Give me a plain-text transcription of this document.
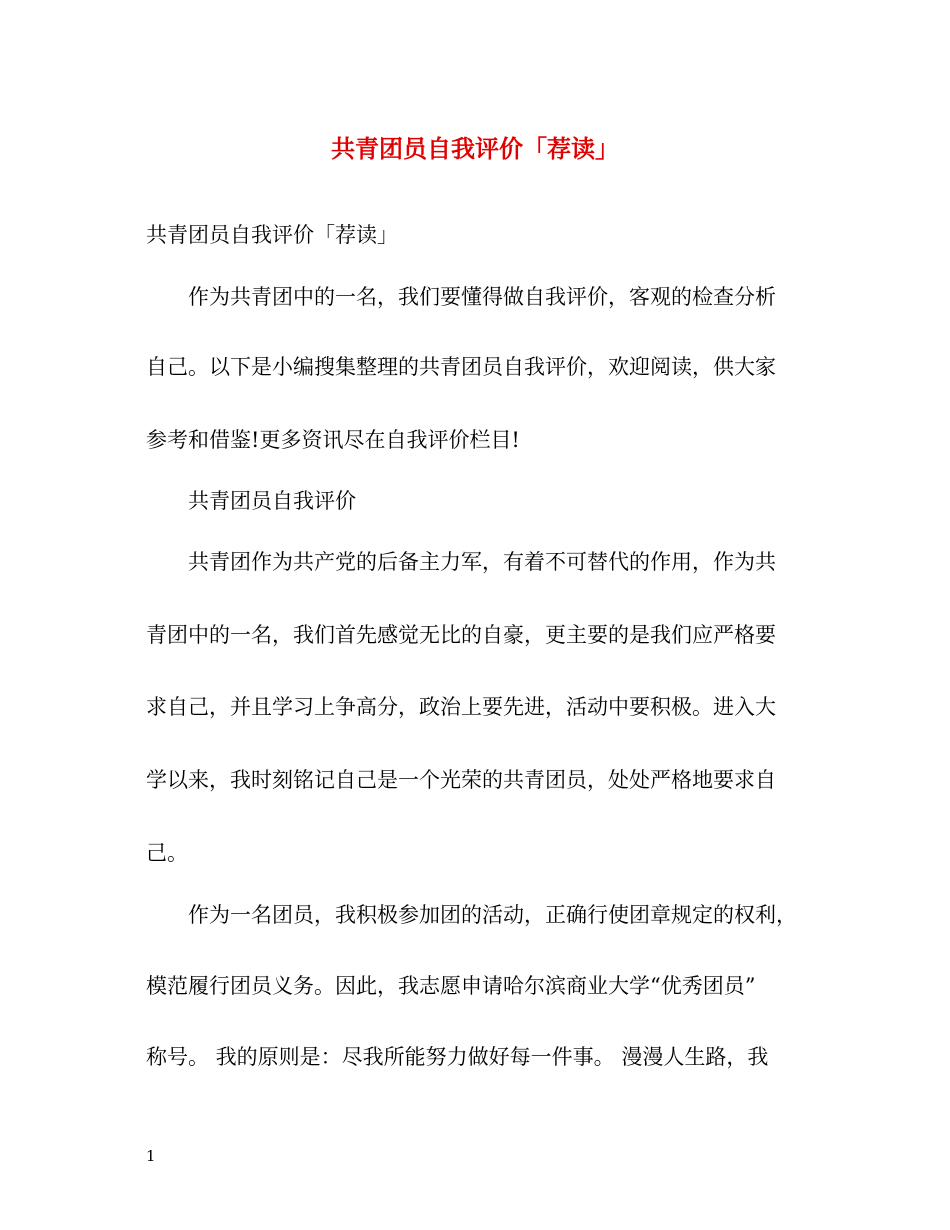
共青团员自我评价「荐读」

共青团员自我评价「荐读」

作为共青团中的一名，我们要懂得做自我评价，客观的检查分析

自己。以下是小编搜集整理的共青团员自我评价，欢迎阅读，供大家

参考和借鉴!更多资讯尽在自我评价栏目!

共青团员自我评价

共青团作为共产党的后备主力军，有着不可替代的作用，作为共

青团中的一名，我们首先感觉无比的自豪，更主要的是我们应严格要

求自己，并且学习上争高分，政治上要先进，活动中要积极。进入大

学以来，我时刻铭记自己是一个光荣的共青团员，处处严格地要求自

己。

作为一名团员，我积极参加团的活动，正确行使团章规定的权利，

模范履行团员义务。因此，我志愿申请哈尔滨商业大学“优秀团员”

称号。 我的原则是：尽我所能努力做好每一件事。 漫漫人生路，我

1
